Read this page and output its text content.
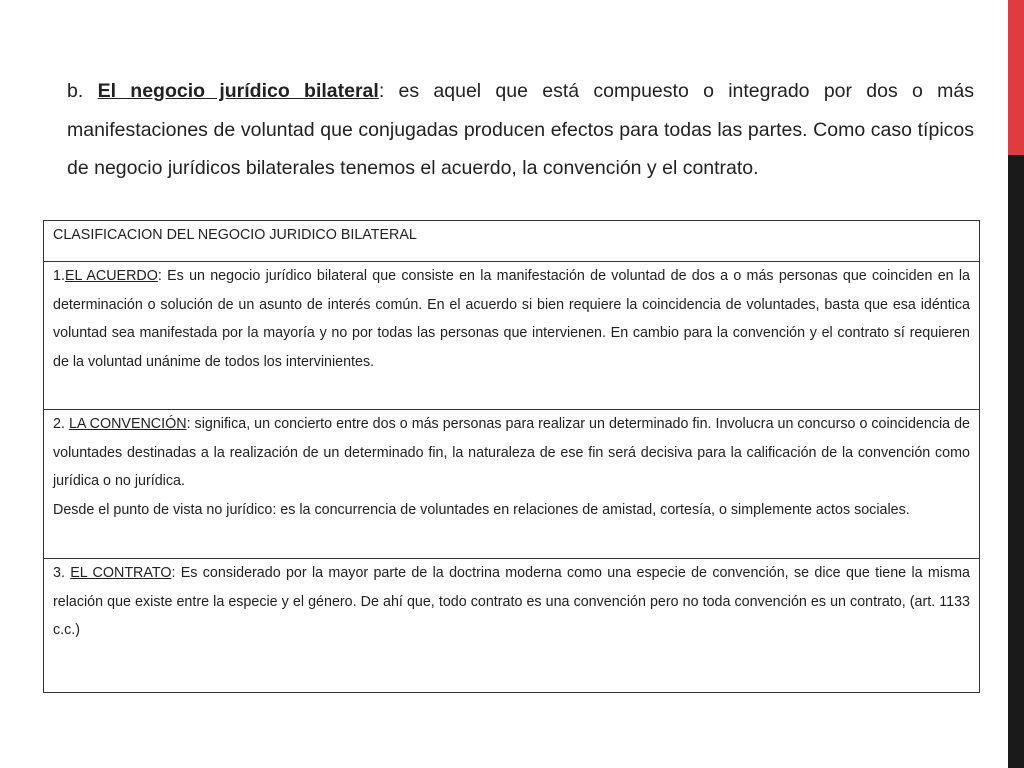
b. El negocio jurídico bilateral: es aquel que está compuesto o integrado por dos o más manifestaciones de voluntad que conjugadas producen efectos para todas las partes. Como caso típicos de negocio jurídicos bilaterales tenemos el acuerdo, la convención y el contrato.

CLASIFICACION DEL NEGOCIO JURIDICO BILATERAL
1.EL ACUERDO: Es un negocio jurídico bilateral que consiste en la manifestación de voluntad de dos a o más personas que coinciden en la determinación o solución de un asunto de interés común. En el acuerdo si bien requiere la coincidencia de voluntades, basta que esa idéntica voluntad sea manifestada por la mayoría y no por todas las personas que intervienen. En cambio para la convención y el contrato sí requieren de la voluntad unánime de todos los intervinientes.

2. LA CONVENCIÓN: significa, un concierto entre dos o más personas para realizar un determinado fin. Involucra un concurso o coincidencia de voluntades destinadas a la realización de un determinado fin, la naturaleza de ese fin será decisiva para la calificación de la convención como jurídica o no jurídica.

Desde el punto de vista no jurídico: es la concurrencia de voluntades en relaciones de amistad, cortesía, o simplemente actos sociales.

3. EL CONTRATO: Es considerado por la mayor parte de la doctrina moderna como una especie de convención, se dice que tiene la misma relación que existe entre la especie y el género. De ahí que, todo contrato es una convención pero no toda convención es un contrato, (art. 1133 c.c.)
